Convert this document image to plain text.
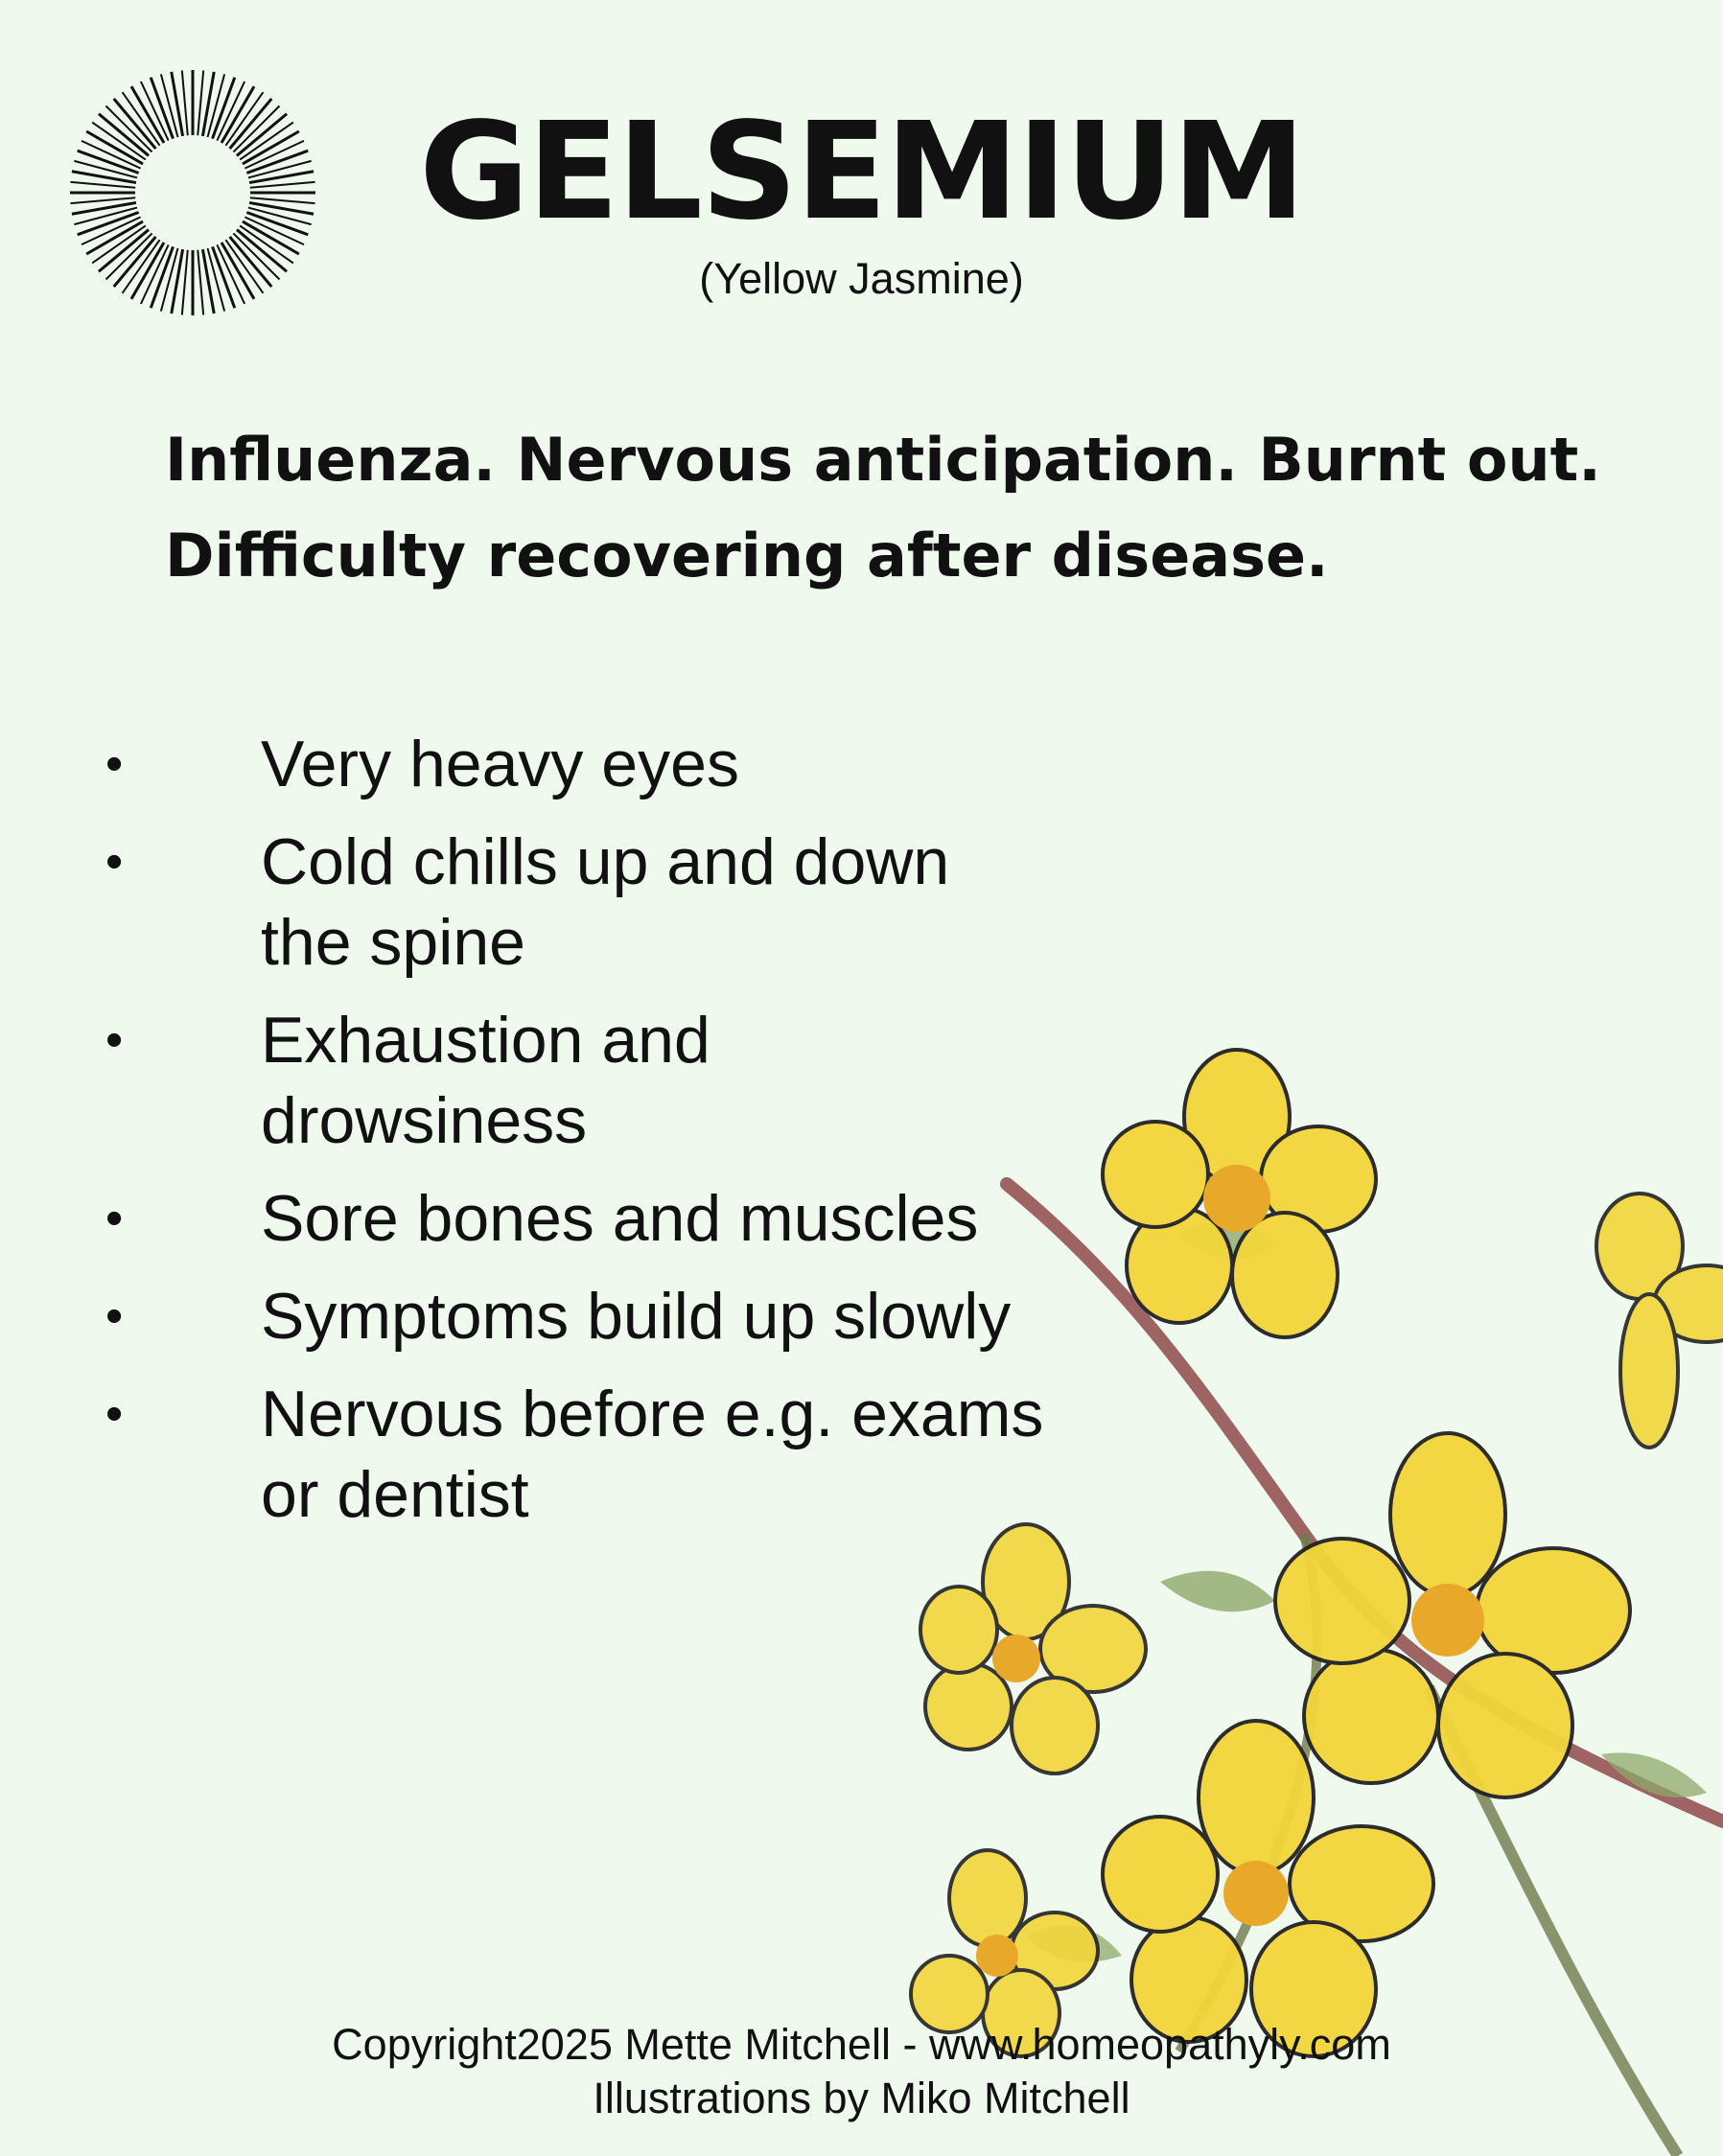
GELSEMIUM
(Yellow Jasmine)
Influenza. Nervous anticipation. Burnt out.
Difficulty recovering after disease.
• Very heavy eyes
• Cold chills up and down
the spine
• Exhaustion and
drowsiness
• Sore bones and muscles
• Symptoms build up slowly
• Nervous before e.g. exams
or dentist
Copyright2025 Mette Mitchell - www.homeopathyly.com
Illustrations by Miko Mitchell
